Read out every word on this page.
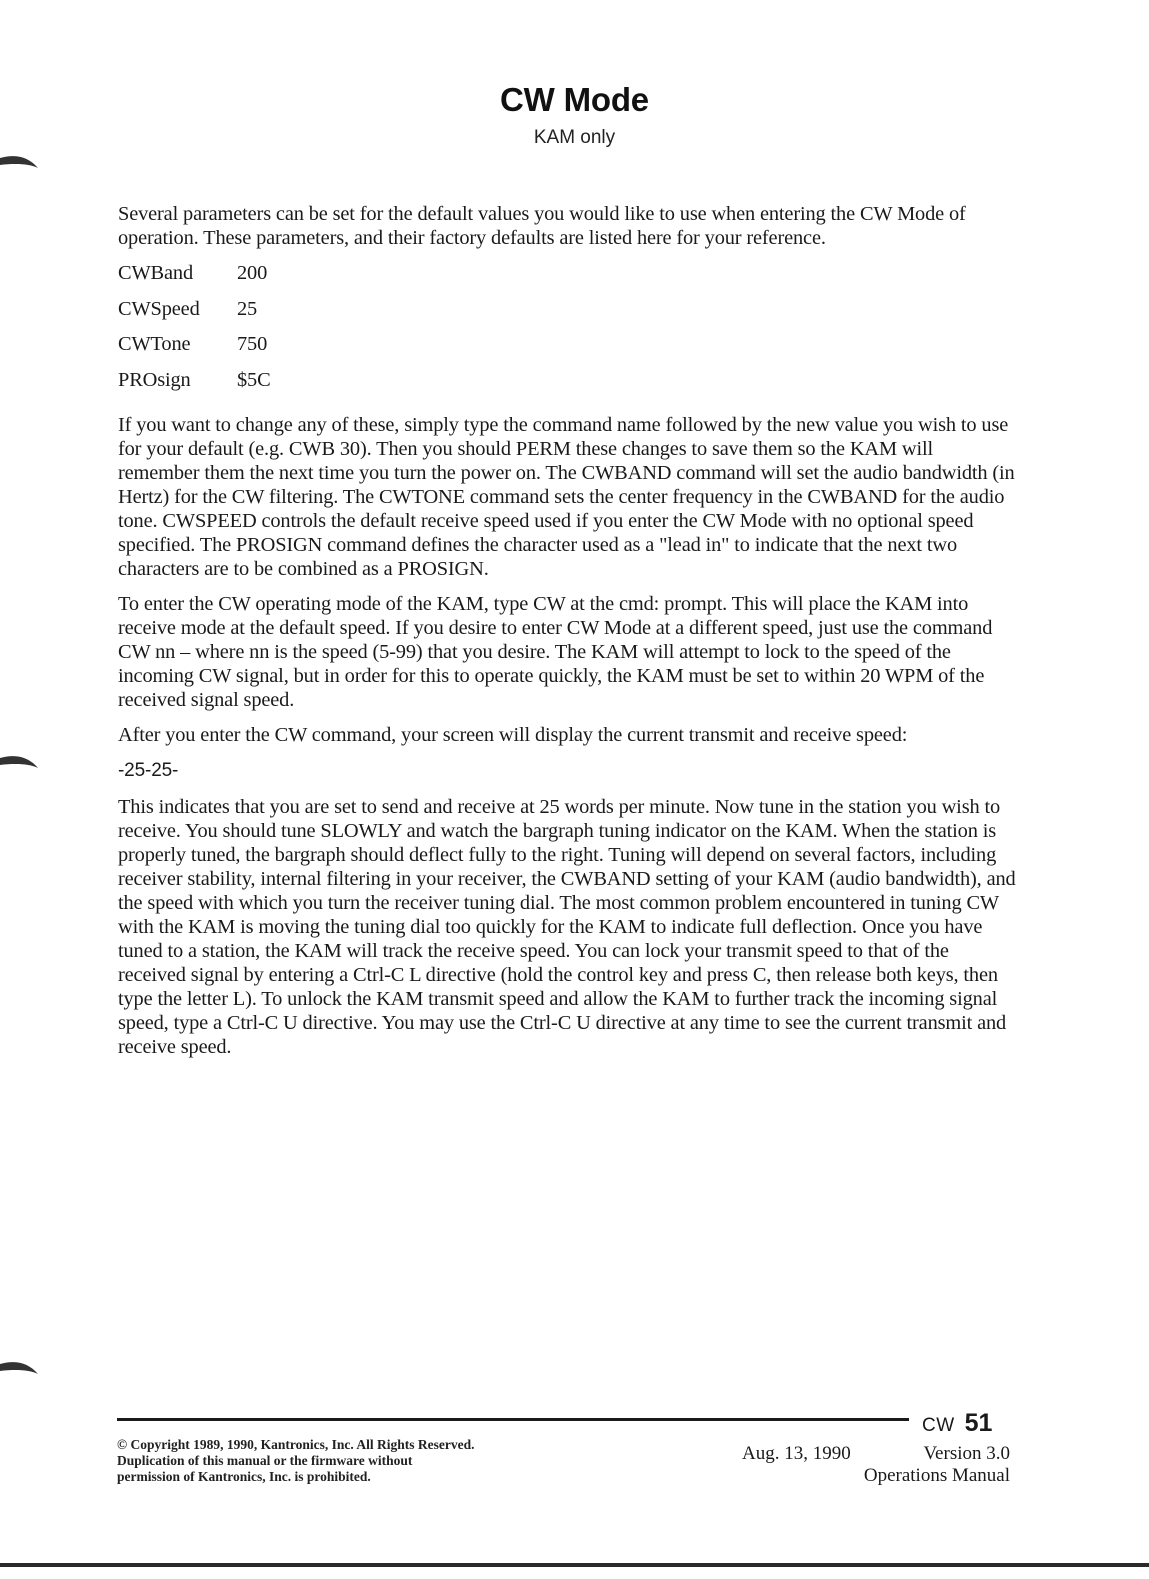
CW Mode
KAM only

Several parameters can be set for the default values you would like to use when entering the CW Mode of operation. These parameters, and their factory defaults are listed here for your reference.

CWBand	200
CWSpeed	25
CWTone	750
PROsign	$5C

If you want to change any of these, simply type the command name followed by the new value you wish to use for your default (e.g. CWB 30). Then you should PERM these changes to save them so the KAM will remember them the next time you turn the power on. The CWBAND command will set the audio bandwidth (in Hertz) for the CW filtering. The CWTONE command sets the center frequency in the CWBAND for the audio tone. CWSPEED controls the default receive speed used if you enter the CW Mode with no optional speed specified. The PROSIGN command defines the character used as a "lead in" to indicate that the next two characters are to be combined as a PROSIGN.

To enter the CW operating mode of the KAM, type CW at the cmd: prompt. This will place the KAM into receive mode at the default speed. If you desire to enter CW Mode at a different speed, just use the command CW nn – where nn is the speed (5-99) that you desire. The KAM will attempt to lock to the speed of the incoming CW signal, but in order for this to operate quickly, the KAM must be set to within 20 WPM of the received signal speed.

After you enter the CW command, your screen will display the current transmit and receive speed:

-25-25-

This indicates that you are set to send and receive at 25 words per minute. Now tune in the station you wish to receive. You should tune SLOWLY and watch the bargraph tuning indicator on the KAM. When the station is properly tuned, the bargraph should deflect fully to the right. Tuning will depend on several factors, including receiver stability, internal filtering in your receiver, the CWBAND setting of your KAM (audio bandwidth), and the speed with which you turn the receiver tuning dial. The most common problem encountered in tuning CW with the KAM is moving the tuning dial too quickly for the KAM to indicate full deflection. Once you have tuned to a station, the KAM will track the receive speed. You can lock your transmit speed to that of the received signal by entering a Ctrl-C L directive (hold the control key and press C, then release both keys, then type the letter L). To unlock the KAM transmit speed and allow the KAM to further track the incoming signal speed, type a Ctrl-C U directive. You may use the Ctrl-C U directive at any time to see the current transmit and receive speed.

CW 51
© Copyright 1989, 1990, Kantronics, Inc. All Rights Reserved.
Duplication of this manual or the firmware without
permission of Kantronics, Inc. is prohibited.
Aug. 13, 1990	Version 3.0
Operations Manual
